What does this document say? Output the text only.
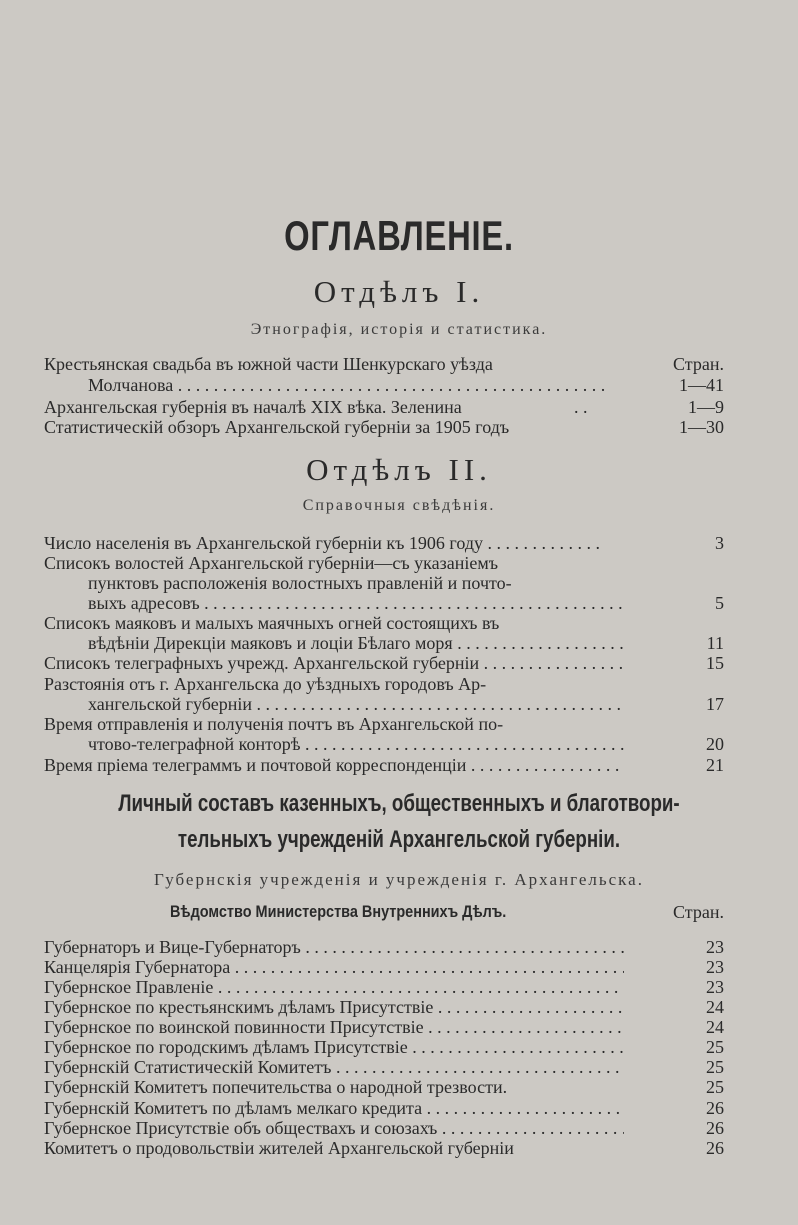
ОГЛАВЛЕНІЕ.
Отдѣлъ I.
Этнографія, исторія и статистика.
Крестьянская свадьба въ южной части Шенкурскаго уѣзда	Стран.
Молчанова . . .	1—41
Архангельская губернія въ началѣ XIX вѣка. Зеленина	. .	1—9
Статистическій обзоръ Архангельской губерніи за 1905 годъ	1—30
Отдѣлъ II.
Справочныя свѣдѣнія.
Число населенія въ Архангельской губерніи къ 1906 году . . .	3
Списокъ волостей Архангельской губерніи—съ указаніемъ
пунктовъ расположенія волостныхъ правленій и почто-
выхъ адресовъ . . .	5
Списокъ маяковъ и малыхъ маячныхъ огней состоящихъ въ
вѣдѣніи Дирекціи маяковъ и лоціи Бѣлаго моря . . .	11
Списокъ телеграфныхъ учрежд. Архангельской губерніи . . .	15
Разстоянія отъ г. Архангельска до уѣздныхъ городовъ Ар-
хангельской губерніи . . .	17
Время отправленія и полученія почтъ въ Архангельской по-
чтово-телеграфной конторѣ . . .	20
Время пріема телеграммъ и почтовой корреспонденціи . . .	21
Личный составъ казенныхъ, общественныхъ и благотвори-
тельныхъ учрежденій Архангельской губерніи.
Губернскія учрежденія и учрежденія г. Архангельска.
Вѣдомство Министерства Внутреннихъ Дѣлъ.	Стран.
Губернаторъ и Вице-Губернаторъ . . .	23
Канцелярія Губернатора . . .	23
Губернское Правленіе . . .	23
Губернское по крестьянскимъ дѣламъ Присутствіе . . .	24
Губернское по воинской повинности Присутствіе . . .	24
Губернское по городскимъ дѣламъ Присутствіе . . .	25
Губернскій Статистическій Комитетъ . . .	25
Губернскій Комитетъ попечительства о народной трезвости.	25
Губернскій Комитетъ по дѣламъ мелкаго кредита . . .	26
Губернское Присутствіе объ обществахъ и союзахъ . . .	26
Комитетъ о продовольствіи жителей Архангельской губерніи	26
